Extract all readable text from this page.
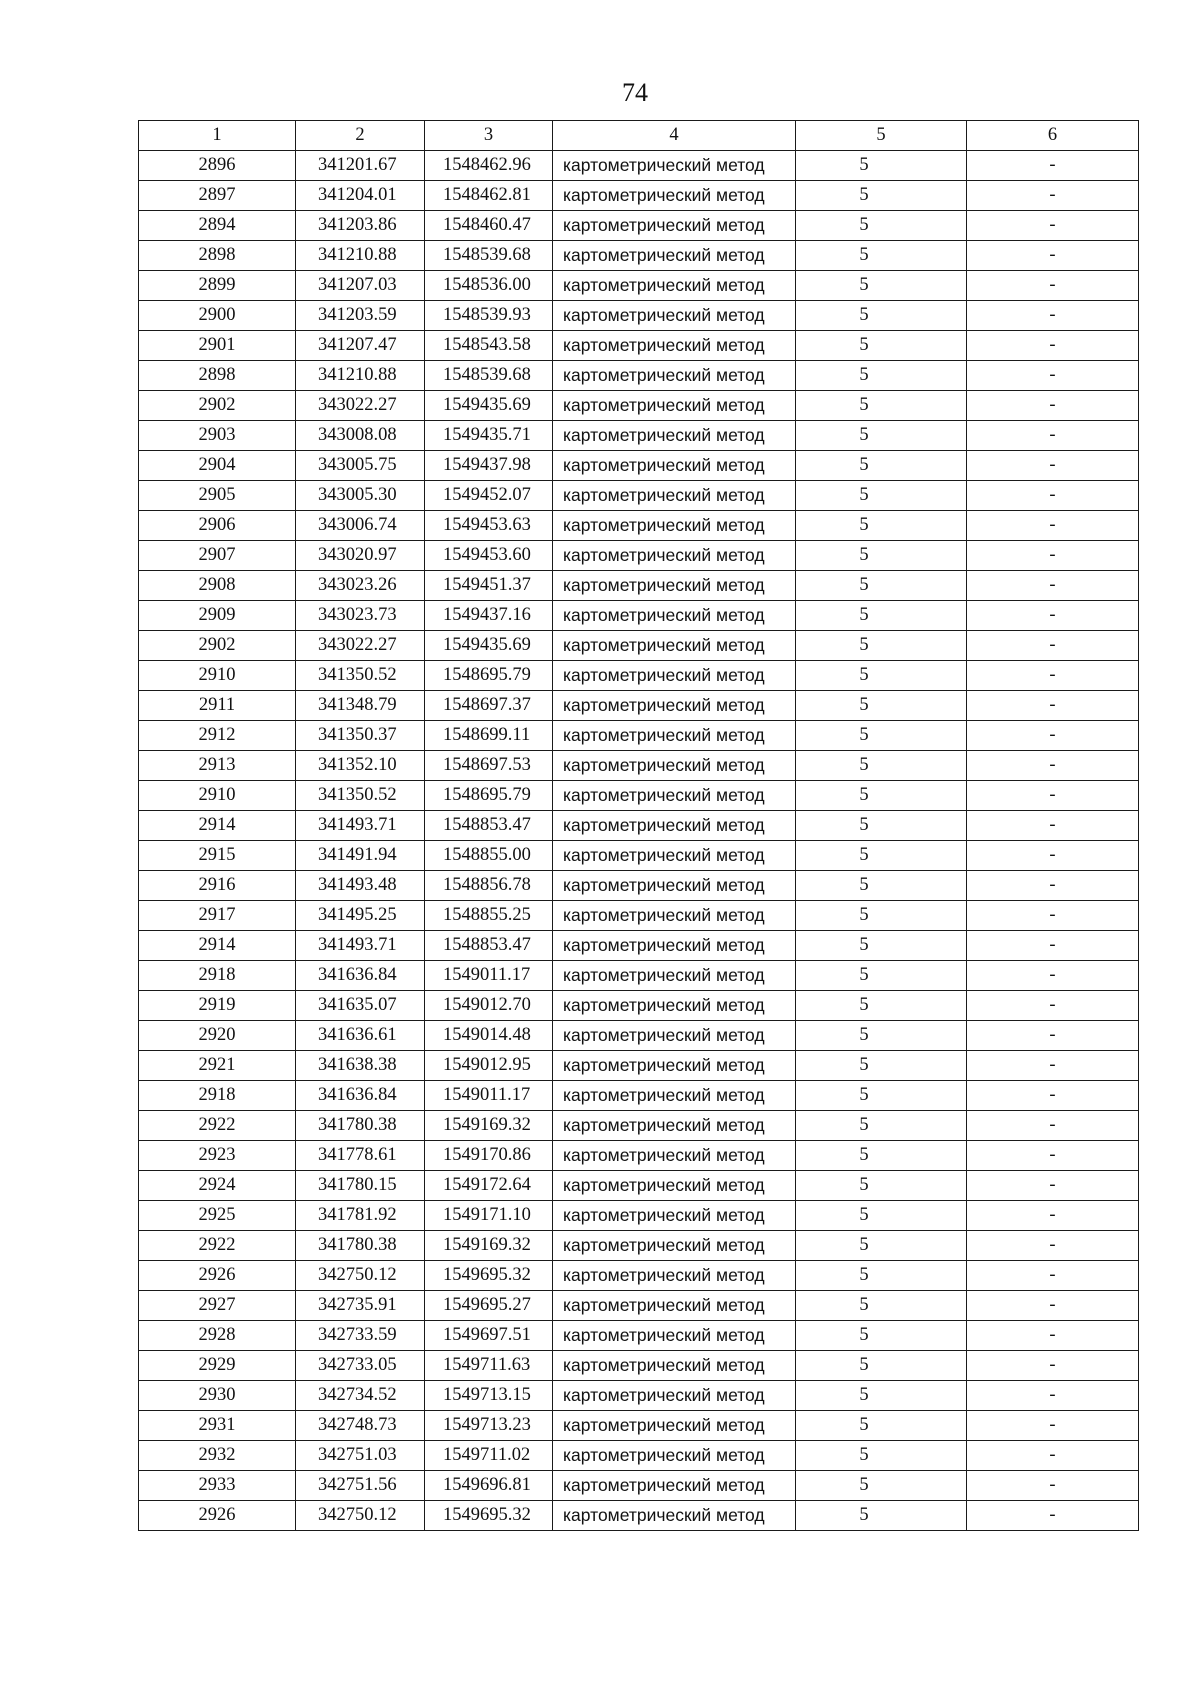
74
1	2	3	4	5	6
2896	341201.67	1548462.96	картометрический метод	5	-
2897	341204.01	1548462.81	картометрический метод	5	-
2894	341203.86	1548460.47	картометрический метод	5	-
2898	341210.88	1548539.68	картометрический метод	5	-
2899	341207.03	1548536.00	картометрический метод	5	-
2900	341203.59	1548539.93	картометрический метод	5	-
2901	341207.47	1548543.58	картометрический метод	5	-
2898	341210.88	1548539.68	картометрический метод	5	-
2902	343022.27	1549435.69	картометрический метод	5	-
2903	343008.08	1549435.71	картометрический метод	5	-
2904	343005.75	1549437.98	картометрический метод	5	-
2905	343005.30	1549452.07	картометрический метод	5	-
2906	343006.74	1549453.63	картометрический метод	5	-
2907	343020.97	1549453.60	картометрический метод	5	-
2908	343023.26	1549451.37	картометрический метод	5	-
2909	343023.73	1549437.16	картометрический метод	5	-
2902	343022.27	1549435.69	картометрический метод	5	-
2910	341350.52	1548695.79	картометрический метод	5	-
2911	341348.79	1548697.37	картометрический метод	5	-
2912	341350.37	1548699.11	картометрический метод	5	-
2913	341352.10	1548697.53	картометрический метод	5	-
2910	341350.52	1548695.79	картометрический метод	5	-
2914	341493.71	1548853.47	картометрический метод	5	-
2915	341491.94	1548855.00	картометрический метод	5	-
2916	341493.48	1548856.78	картометрический метод	5	-
2917	341495.25	1548855.25	картометрический метод	5	-
2914	341493.71	1548853.47	картометрический метод	5	-
2918	341636.84	1549011.17	картометрический метод	5	-
2919	341635.07	1549012.70	картометрический метод	5	-
2920	341636.61	1549014.48	картометрический метод	5	-
2921	341638.38	1549012.95	картометрический метод	5	-
2918	341636.84	1549011.17	картометрический метод	5	-
2922	341780.38	1549169.32	картометрический метод	5	-
2923	341778.61	1549170.86	картометрический метод	5	-
2924	341780.15	1549172.64	картометрический метод	5	-
2925	341781.92	1549171.10	картометрический метод	5	-
2922	341780.38	1549169.32	картометрический метод	5	-
2926	342750.12	1549695.32	картометрический метод	5	-
2927	342735.91	1549695.27	картометрический метод	5	-
2928	342733.59	1549697.51	картометрический метод	5	-
2929	342733.05	1549711.63	картометрический метод	5	-
2930	342734.52	1549713.15	картометрический метод	5	-
2931	342748.73	1549713.23	картометрический метод	5	-
2932	342751.03	1549711.02	картометрический метод	5	-
2933	342751.56	1549696.81	картометрический метод	5	-
2926	342750.12	1549695.32	картометрический метод	5	-
